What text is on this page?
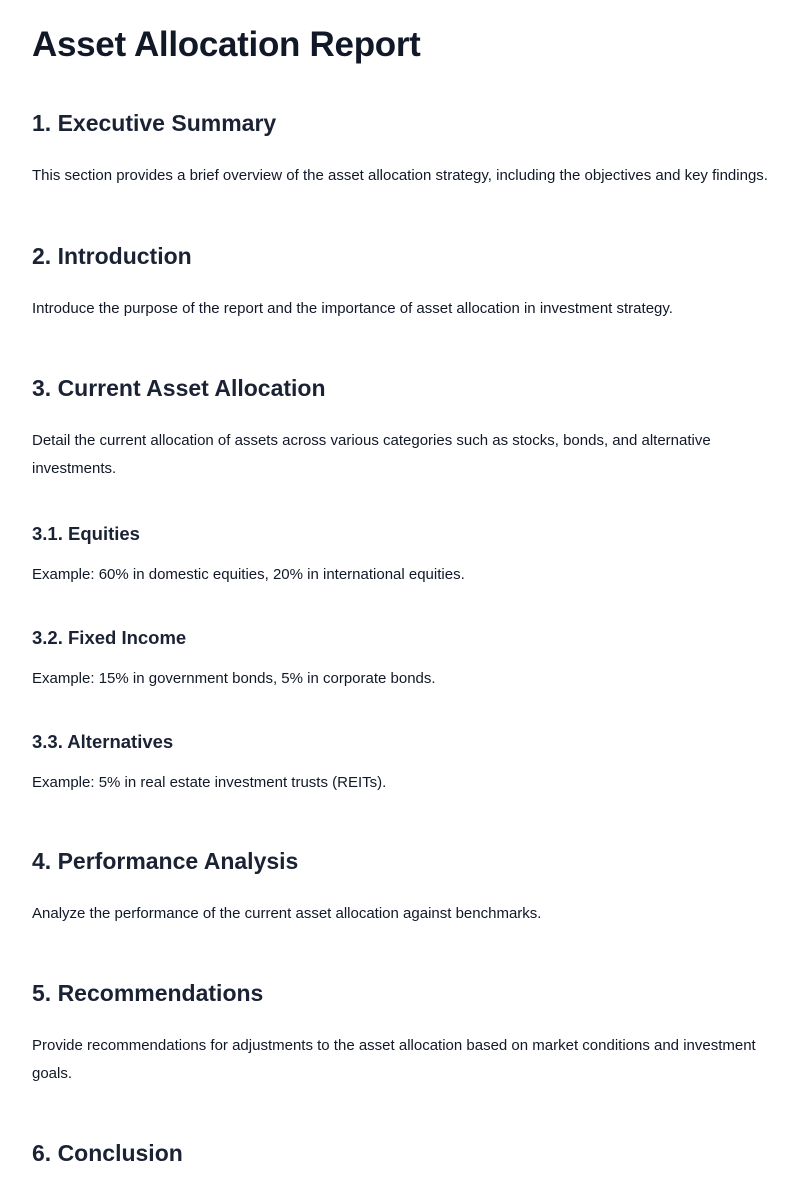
Asset Allocation Report
1. Executive Summary

This section provides a brief overview of the asset allocation strategy, including the objectives and key findings.

2. Introduction

Introduce the purpose of the report and the importance of asset allocation in investment strategy.

3. Current Asset Allocation

Detail the current allocation of assets across various categories such as stocks, bonds, and alternative investments.

3.1. Equities

Example: 60% in domestic equities, 20% in international equities.

3.2. Fixed Income

Example: 15% in government bonds, 5% in corporate bonds.

3.3. Alternatives

Example: 5% in real estate investment trusts (REITs).

4. Performance Analysis

Analyze the performance of the current asset allocation against benchmarks.

5. Recommendations

Provide recommendations for adjustments to the asset allocation based on market conditions and investment goals.

6. Conclusion
